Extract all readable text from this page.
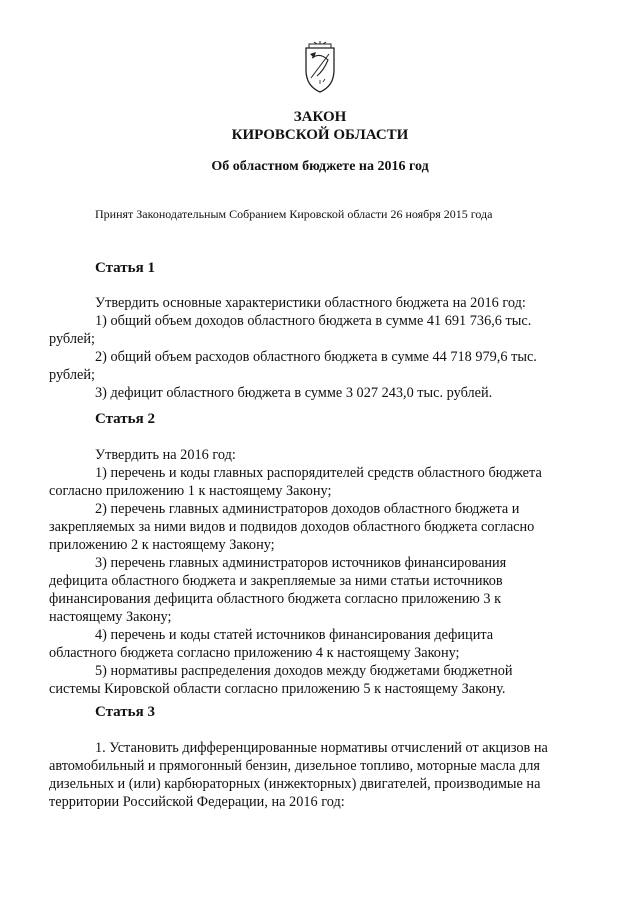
ЗАКОН
КИРОВСКОЙ ОБЛАСТИ
Об областном бюджете на 2016 год
Принят Законодательным Собранием Кировской области 26 ноября 2015 года
Статья 1
Утвердить основные характеристики областного бюджета на 2016 год:
1) общий объем доходов областного бюджета в сумме 41 691 736,6 тыс.
рублей;
2) общий объем расходов областного бюджета в сумме 44 718 979,6 тыс.
рублей;
3) дефицит областного бюджета в сумме 3 027 243,0 тыс. рублей.
Статья 2
Утвердить на 2016 год:
1) перечень и коды главных распорядителей средств областного бюджета
согласно приложению 1 к настоящему Закону;
2) перечень главных администраторов доходов областного бюджета и
закрепляемых за ними видов и подвидов доходов областного бюджета согласно
приложению 2 к настоящему Закону;
3) перечень главных администраторов источников финансирования
дефицита областного бюджета и закрепляемые за ними статьи источников
финансирования дефицита областного бюджета согласно приложению 3 к
настоящему Закону;
4) перечень и коды статей источников финансирования дефицита
областного бюджета согласно приложению 4 к настоящему Закону;
5) нормативы распределения доходов между бюджетами бюджетной
системы Кировской области согласно приложению 5 к настоящему Закону.
Статья 3
1. Установить дифференцированные нормативы отчислений от акцизов на
автомобильный и прямогонный бензин, дизельное топливо, моторные масла для
дизельных и (или) карбюраторных (инжекторных) двигателей, производимые на
территории Российской Федерации, на 2016 год:
